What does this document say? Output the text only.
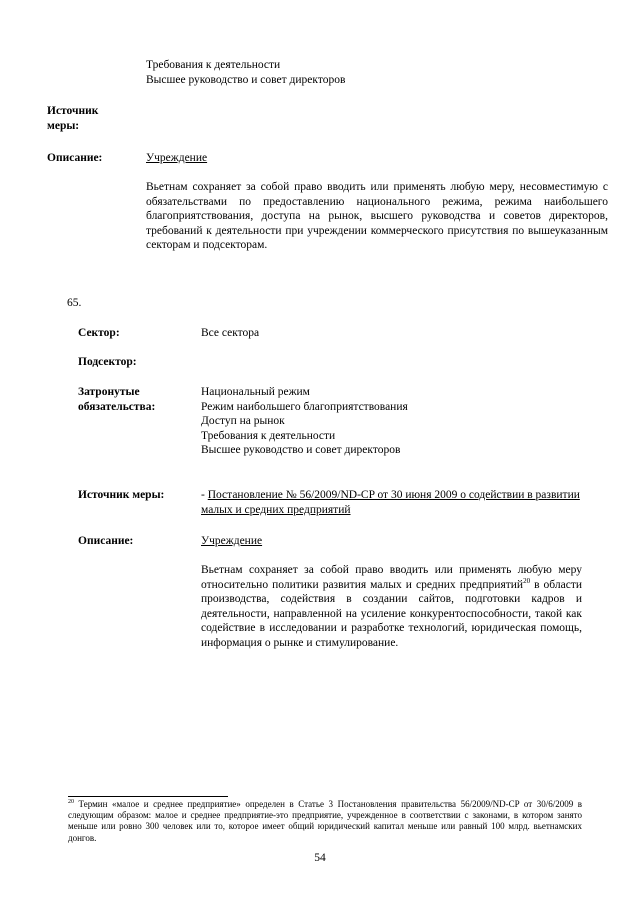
Требования к деятельности
Высшее руководство и совет директоров
Источник меры:
Описание:	Учреждение
Вьетнам сохраняет за собой право вводить или применять любую меру, несовместимую с обязательствами по предоставлению национального режима, режима наибольшего благоприятствования, доступа на рынок, высшего руководства и советов директоров, требований к деятельности при учреждении коммерческого присутствия по вышеуказанным секторам и подсекторам.
65.
Сектор:	Все сектора
Подсектор:
Затронутые обязательства:
Национальный режим
Режим наибольшего благоприятствования
Доступ на рынок
Требования к деятельности
Высшее руководство и совет директоров
Источник меры:	- Постановление № 56/2009/ND-CP от 30 июня 2009 о содействии в развитии малых и средних предприятий
Описание:	Учреждение
Вьетнам сохраняет за собой право вводить или применять любую меру относительно политики развития малых и средних предприятий$^{20}$ в области производства, содействия в создании сайтов, подготовки кадров и деятельности, направленной на усиление конкурентоспособности, такой как содействие в исследовании и разработке технологий, юридическая помощь, информация о рынке и стимулирование.
$^{20}$ Термин «малое и среднее предприятие» определен в Статье 3 Постановления правительства 56/2009/ND-CP от 30/6/2009 в следующим образом: малое и среднее предприятие-это предприятие, учрежденное в соответствии с законами, в котором занято меньше или ровно 300 человек или то, которое имеет общий юридический капитал меньше или равный 100 млрд. вьетнамских донгов.
54
